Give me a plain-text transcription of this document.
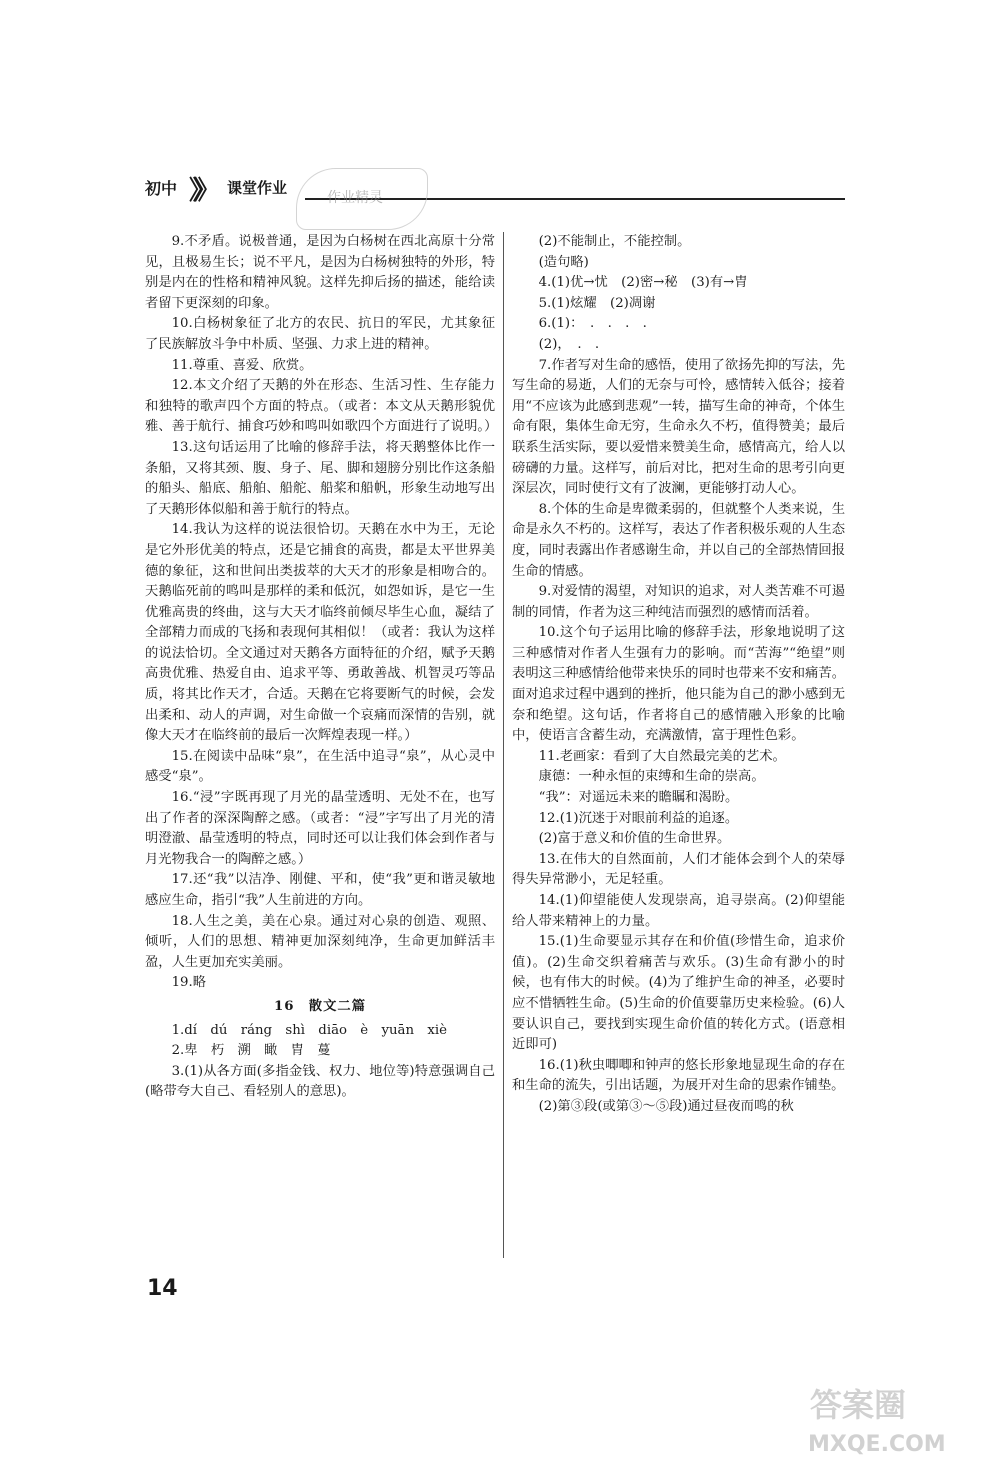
初中 》》 课堂作业
作业精灵

9.不矛盾。说极普通，是因为白杨树在西北高原十分常见，且极易生长；说不平凡，是因为白杨树独特的外形，特别是内在的性格和精神风貌。这样先抑后扬的描述，能给读者留下更深刻的印象。

10.白杨树象征了北方的农民、抗日的军民，尤其象征了民族解放斗争中朴质、坚强、力求上进的精神。

11.尊重、喜爱、欣赏。

12.本文介绍了天鹅的外在形态、生活习性、生存能力和独特的歌声四个方面的特点。（或者：本文从天鹅形貌优雅、善于航行、捕食巧妙和鸣叫如歌四个方面进行了说明。）

13.这句话运用了比喻的修辞手法，将天鹅整体比作一条船，又将其颈、腹、身子、尾、脚和翅膀分别比作这条船的船头、船底、船舶、船舵、船桨和船帆，形象生动地写出了天鹅形体似船和善于航行的特点。

14.我认为这样的说法很恰切。天鹅在水中为王，无论是它外形优美的特点，还是它捕食的高贵，都是太平世界美德的象征，这和世间出类拔萃的大天才的形象是相吻合的。天鹅临死前的鸣叫是那样的柔和低沉，如怨如诉，是它一生优雅高贵的终曲，这与大天才临终前倾尽毕生心血，凝结了全部精力而成的飞扬和表现何其相似！（或者：我认为这样的说法恰切。全文通过对天鹅各方面特征的介绍，赋予天鹅高贵优雅、热爱自由、追求平等、勇敢善战、机智灵巧等品质，将其比作天才，合适。天鹅在它将要断气的时候，会发出柔和、动人的声调，对生命做一个哀痛而深情的告别，就像大天才在临终前的最后一次辉煌表现一样。）

15.在阅读中品味“泉”，在生活中追寻“泉”，从心灵中感受“泉”。

16.“浸”字既再现了月光的晶莹透明、无处不在，也写出了作者的深深陶醉之感。（或者：“浸”字写出了月光的清明澄澈、晶莹透明的特点，同时还可以让我们体会到作者与月光物我合一的陶醉之感。）

17.还“我”以洁净、刚健、平和，使“我”更和谐灵敏地感应生命，指引“我”人生前进的方向。

18.人生之美，美在心泉。通过对心泉的创造、观照、倾听，人们的思想、精神更加深刻纯净，生命更加鲜活丰盈，人生更加充实美丽。

19.略

16　散文二篇

1.dí　dú　ráng　shì　diāo　è　yuān　xiè

2.卑　朽　溯　瞰　胄　蔓

3.(1)从各方面(多指金钱、权力、地位等)特意强调自己(略带夸大自己、看轻别人的意思)。

(2)不能制止，不能控制。

(造句略)

4.(1)优→忧　(2)密→秘　(3)有→胄

5.(1)炫耀　(2)凋谢

6.(1)：　.　.　.　.

(2)，　.　.

7.作者写对生命的感悟，使用了欲扬先抑的写法，先写生命的易逝，人们的无奈与可怜，感情转入低谷；接着用“不应该为此感到悲观”一转，描写生命的神奇，个体生命有限，集体生命无穷，生命永久不朽，值得赞美；最后联系生活实际，要以爱惜来赞美生命，感情高亢，给人以磅礴的力量。这样写，前后对比，把对生命的思考引向更深层次，同时使行文有了波澜，更能够打动人心。

8.个体的生命是卑微柔弱的，但就整个人类来说，生命是永久不朽的。这样写，表达了作者积极乐观的人生态度，同时表露出作者感谢生命，并以自己的全部热情回报生命的情感。

9.对爱情的渴望，对知识的追求，对人类苦难不可遏制的同情，作者为这三种纯洁而强烈的感情而活着。

10.这个句子运用比喻的修辞手法，形象地说明了这三种感情对作者人生强有力的影响。而“苦海”“绝望”则表明这三种感情给他带来快乐的同时也带来不安和痛苦。面对追求过程中遇到的挫折，他只能为自己的渺小感到无奈和绝望。这句话，作者将自己的感情融入形象的比喻中，使语言含蓄生动，充满激情，富于理性色彩。

11.老画家：看到了大自然最完美的艺术。

康德：一种永恒的束缚和生命的崇高。

“我”：对遥远未来的瞻瞩和渴盼。

12.(1)沉迷于对眼前利益的追逐。

(2)富于意义和价值的生命世界。

13.在伟大的自然面前，人们才能体会到个人的荣辱得失异常渺小，无足轻重。

14.(1)仰望能使人发现崇高，追寻崇高。(2)仰望能给人带来精神上的力量。

15.(1)生命要显示其存在和价值(珍惜生命，追求价值)。(2)生命交织着痛苦与欢乐。(3)生命有渺小的时候，也有伟大的时候。(4)为了维护生命的神圣，必要时应不惜牺牲生命。(5)生命的价值要靠历史来检验。(6)人要认识自己，要找到实现生命价值的转化方式。(语意相近即可)

16.(1)秋虫唧唧和钟声的悠长形象地显现生命的存在和生命的流失，引出话题，为展开对生命的思索作铺垫。

(2)第③段(或第③～⑤段)通过昼夜而鸣的秋

14
答案圈
MXQE.COM
